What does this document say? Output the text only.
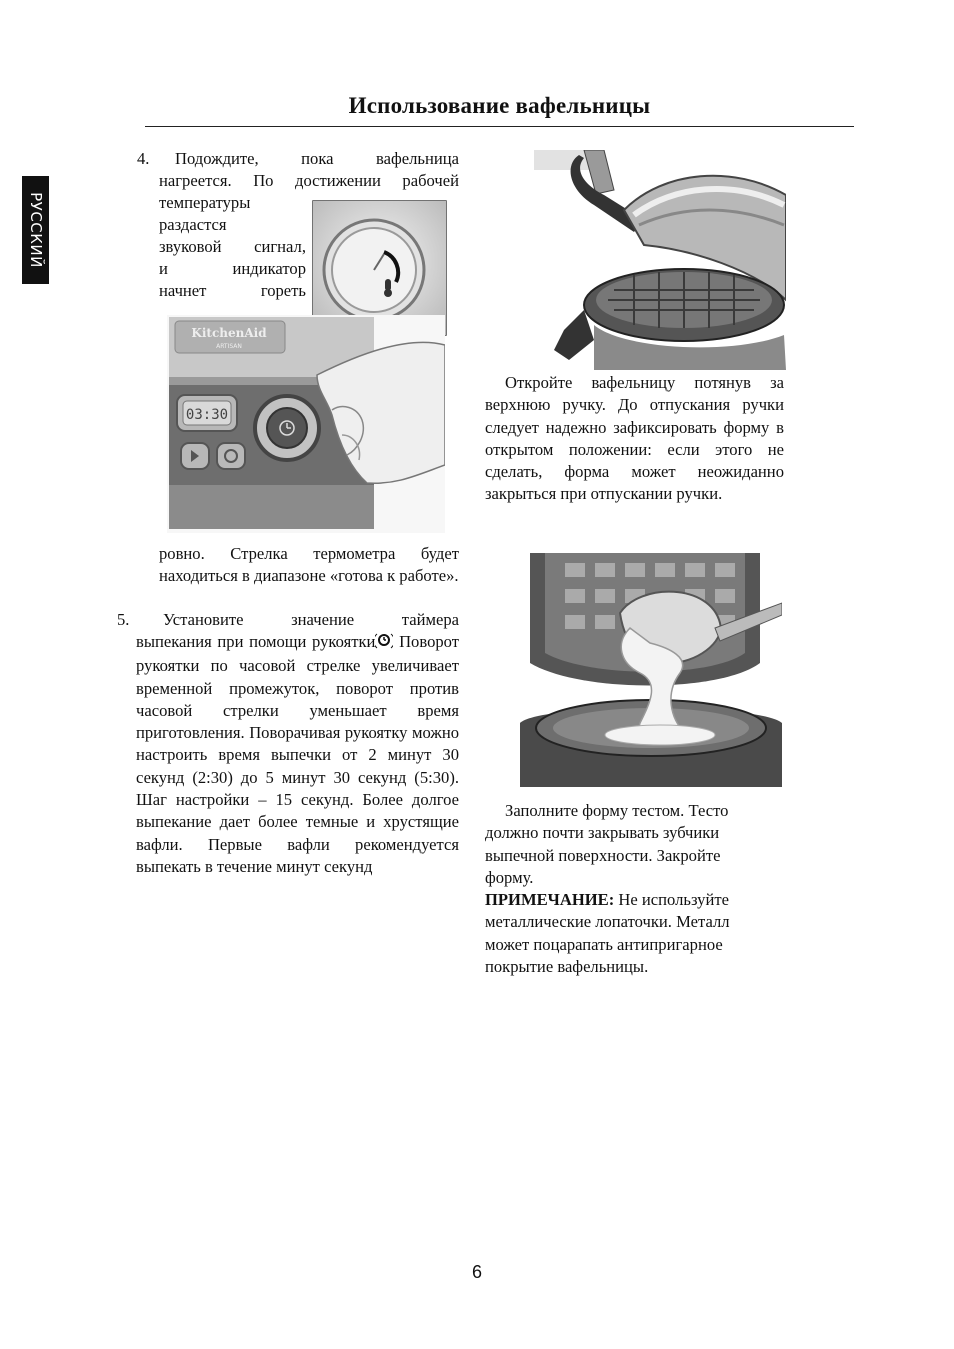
Использование вафельницы
РУССКИЙ
4. Подождите, пока вафельница
нагреется. По достижении рабочей
температуры
раздастся
звуковой сигнал,
и индикатор
начнет гореть
KitchenAid
ARTISAN
03:30
ровно. Стрелка термометра будет находиться в диапазоне «готова к работе».
5. Установите значение таймера

выпекания при помощи рукоятки Поворот рукоятки по часовой стрелке увеличивает временной промежуток, поворот против часовой стрелки уменьшает время приготовления. Поворачивая рукоятку можно настроить время выпечки от 2 минут 30 секунд (2:30) до 5 минут 30 секунд (5:30). Шаг настройки – 15 секунд. Более долгое выпекание дает более темные и хрустящие вафли. Первые вафли рекомендуется выпекать в течение минут секунд

Откройте вафельницу потянув за верхнюю ручку. До отпускания ручки следует надежно зафиксировать форму в открытом положении: если этого не сделать, форма может неожиданно закрыться при отпускании ручки.

Заполните форму тестом. Тесто должно почти закрывать зубчики выпечной поверхности. Закройте форму.

ПРИМЕЧАНИЕ: Не используйте металлические лопаточки. Металл может поцарапать антипригарное покрытие вафельницы.

6
